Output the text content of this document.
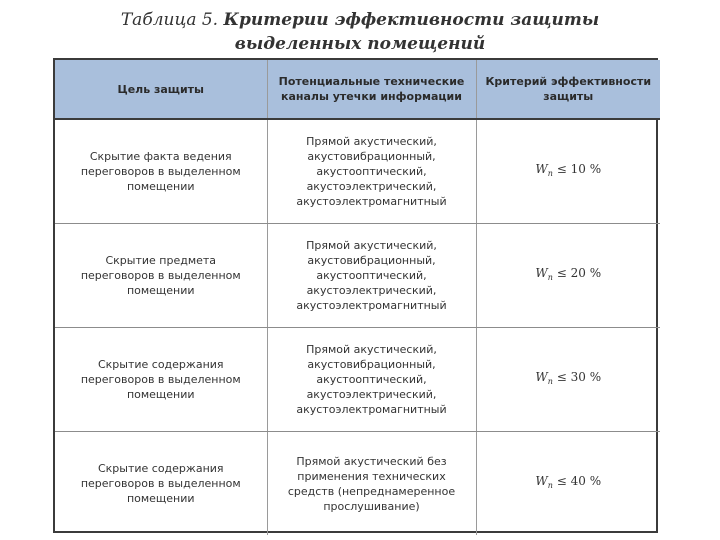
Таблица 5. Критерии эффективности защиты
выделенных помещений
Цель защиты	Потенциальные технические каналы утечки информации	Критерий эффективности защиты

Скрытие факта ведения переговоров в выделенном помещении	Прямой акустический, акустовибрационный, акустооптический, акустоэлектрический, акустоэлектромагнитный	$W_п \le 10$ %

Скрытие предмета переговоров в выделенном помещении	Прямой акустический, акустовибрационный, акустооптический, акустоэлектрический, акустоэлектромагнитный	$W_п \le 20$ %

Скрытие содержания переговоров в выделенном помещении	Прямой акустический, акустовибрационный, акустооптический, акустоэлектрический, акустоэлектромагнитный	$W_п \le 30$ %

Скрытие содержания переговоров в выделенном помещении	Прямой акустический без применения технических средств (непреднамеренное прослушивание)	$W_п \le 40$ %
